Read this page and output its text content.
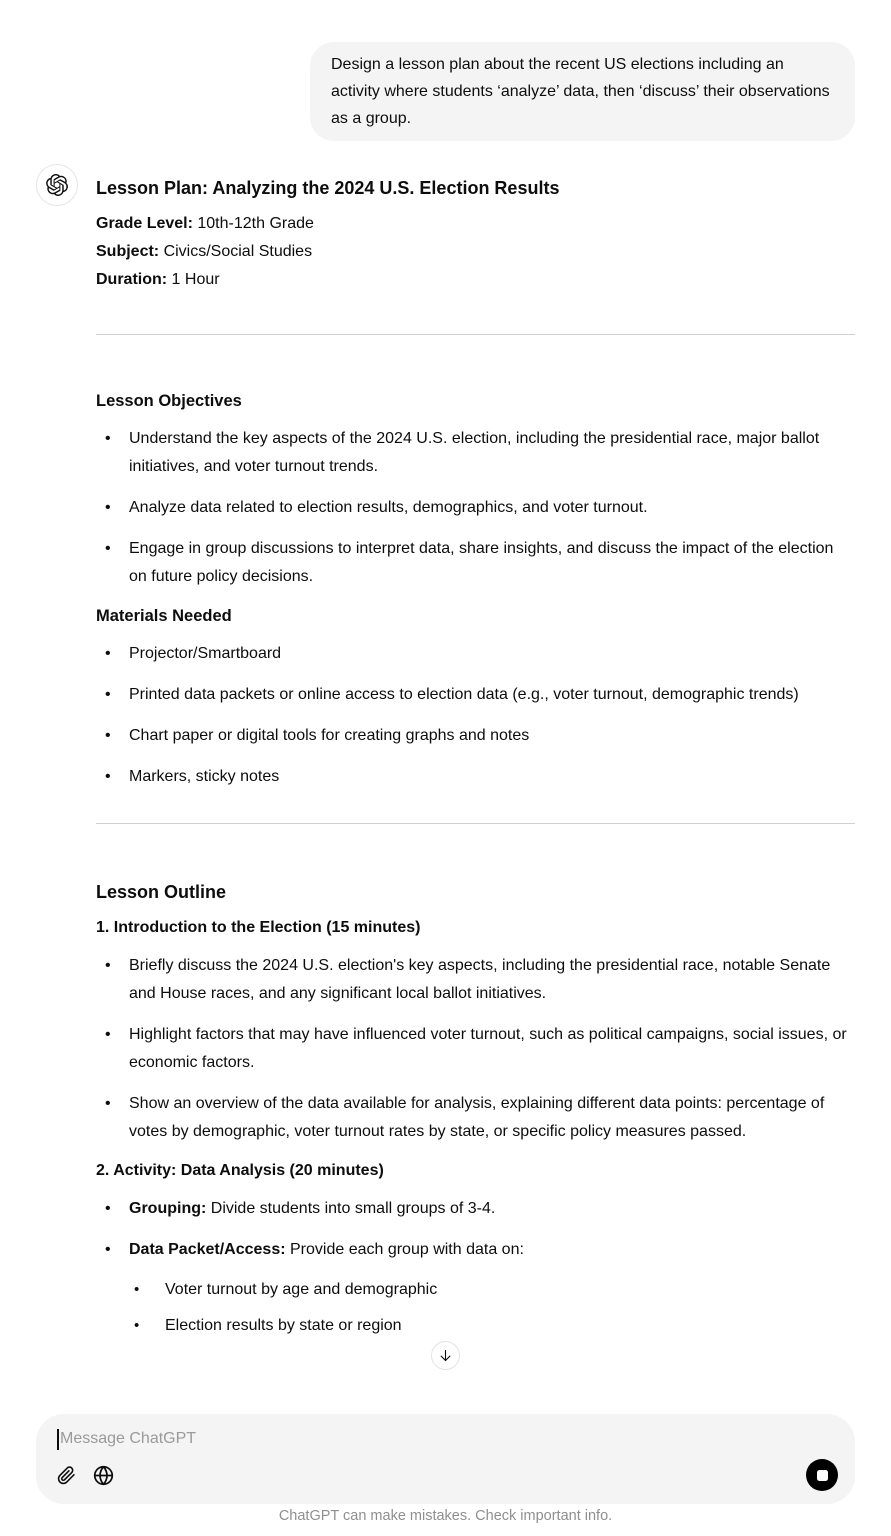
Design a lesson plan about the recent US elections including an activity where students ‘analyze’ data, then ‘discuss’ their observations as a group.
Lesson Plan: Analyzing the 2024 U.S. Election Results
Grade Level: 10th-12th Grade
Subject: Civics/Social Studies
Duration: 1 Hour
Lesson Objectives
• Understand the key aspects of the 2024 U.S. election, including the presidential race, major ballot initiatives, and voter turnout trends.
• Analyze data related to election results, demographics, and voter turnout.
• Engage in group discussions to interpret data, share insights, and discuss the impact of the election on future policy decisions.
Materials Needed
• Projector/Smartboard
• Printed data packets or online access to election data (e.g., voter turnout, demographic trends)
• Chart paper or digital tools for creating graphs and notes
• Markers, sticky notes
Lesson Outline
1. Introduction to the Election (15 minutes)
• Briefly discuss the 2024 U.S. election's key aspects, including the presidential race, notable Senate and House races, and any significant local ballot initiatives.
• Highlight factors that may have influenced voter turnout, such as political campaigns, social issues, or economic factors.
• Show an overview of the data available for analysis, explaining different data points: percentage of votes by demographic, voter turnout rates by state, or specific policy measures passed.
2. Activity: Data Analysis (20 minutes)
• Grouping: Divide students into small groups of 3-4.
• Data Packet/Access: Provide each group with data on:
• Voter turnout by age and demographic
• Election results by state or region
Message ChatGPT
ChatGPT can make mistakes. Check important info.
